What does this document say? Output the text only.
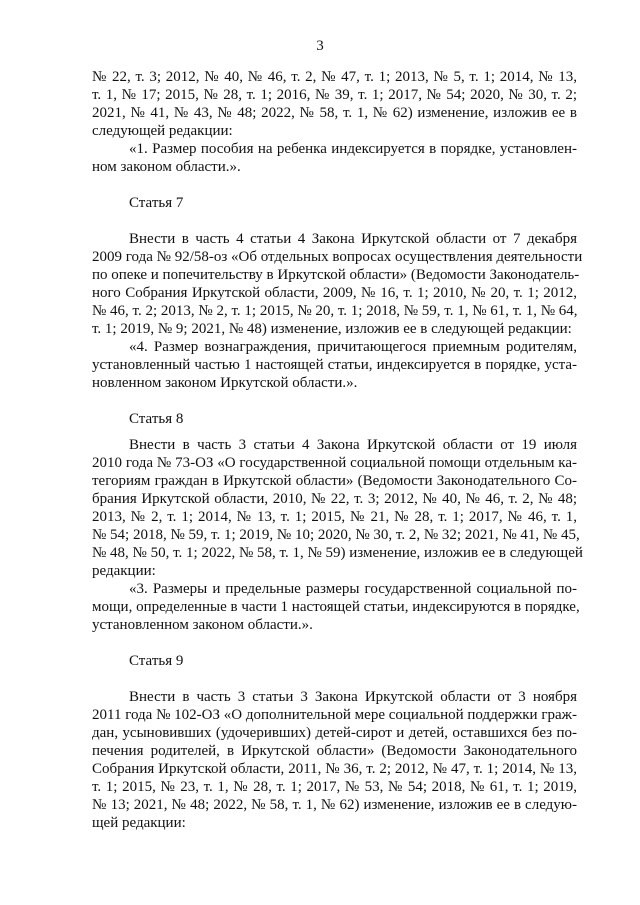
3
№ 22, т. 3; 2012, № 40, № 46, т. 2, № 47, т. 1; 2013, № 5, т. 1; 2014, № 13,
т. 1, № 17; 2015, № 28, т. 1; 2016, № 39, т. 1; 2017, № 54; 2020, № 30, т. 2;
2021, № 41, № 43, № 48; 2022, № 58, т. 1, № 62) изменение, изложив ее в
следующей редакции:
«1. Размер пособия на ребенка индексируется в порядке, установлен-
ном законом области.».
Статья 7
Внести в часть 4 статьи 4 Закона Иркутской области от 7 декабря
2009 года № 92/58-оз «Об отдельных вопросах осуществления деятельности
по опеке и попечительству в Иркутской области» (Ведомости Законодатель-
ного Собрания Иркутской области, 2009, № 16, т. 1; 2010, № 20, т. 1; 2012,
№ 46, т. 2; 2013, № 2, т. 1; 2015, № 20, т. 1; 2018, № 59, т. 1, № 61, т. 1, № 64,
т. 1; 2019, № 9; 2021, № 48) изменение, изложив ее в следующей редакции:
«4. Размер вознаграждения, причитающегося приемным родителям,
установленный частью 1 настоящей статьи, индексируется в порядке, уста-
новленном законом Иркутской области.».
Статья 8
Внести в часть 3 статьи 4 Закона Иркутской области от 19 июля
2010 года № 73-ОЗ «О государственной социальной помощи отдельным ка-
тегориям граждан в Иркутской области» (Ведомости Законодательного Со-
брания Иркутской области, 2010, № 22, т. 3; 2012, № 40, № 46, т. 2, № 48;
2013, № 2, т. 1; 2014, № 13, т. 1; 2015, № 21, № 28, т. 1; 2017, № 46, т. 1,
№ 54; 2018, № 59, т. 1; 2019, № 10; 2020, № 30, т. 2, № 32; 2021, № 41, № 45,
№ 48, № 50, т. 1; 2022, № 58, т. 1, № 59) изменение, изложив ее в следующей
редакции:
«3. Размеры и предельные размеры государственной социальной по-
мощи, определенные в части 1 настоящей статьи, индексируются в порядке,
установленном законом области.».
Статья 9
Внести в часть 3 статьи 3 Закона Иркутской области от 3 ноября
2011 года № 102-ОЗ «О дополнительной мере социальной поддержки граж-
дан, усыновивших (удочеривших) детей-сирот и детей, оставшихся без по-
печения родителей, в Иркутской области» (Ведомости Законодательного
Собрания Иркутской области, 2011, № 36, т. 2; 2012, № 47, т. 1; 2014, № 13,
т. 1; 2015, № 23, т. 1, № 28, т. 1; 2017, № 53, № 54; 2018, № 61, т. 1; 2019,
№ 13; 2021, № 48; 2022, № 58, т. 1, № 62) изменение, изложив ее в следую-
щей редакции:
